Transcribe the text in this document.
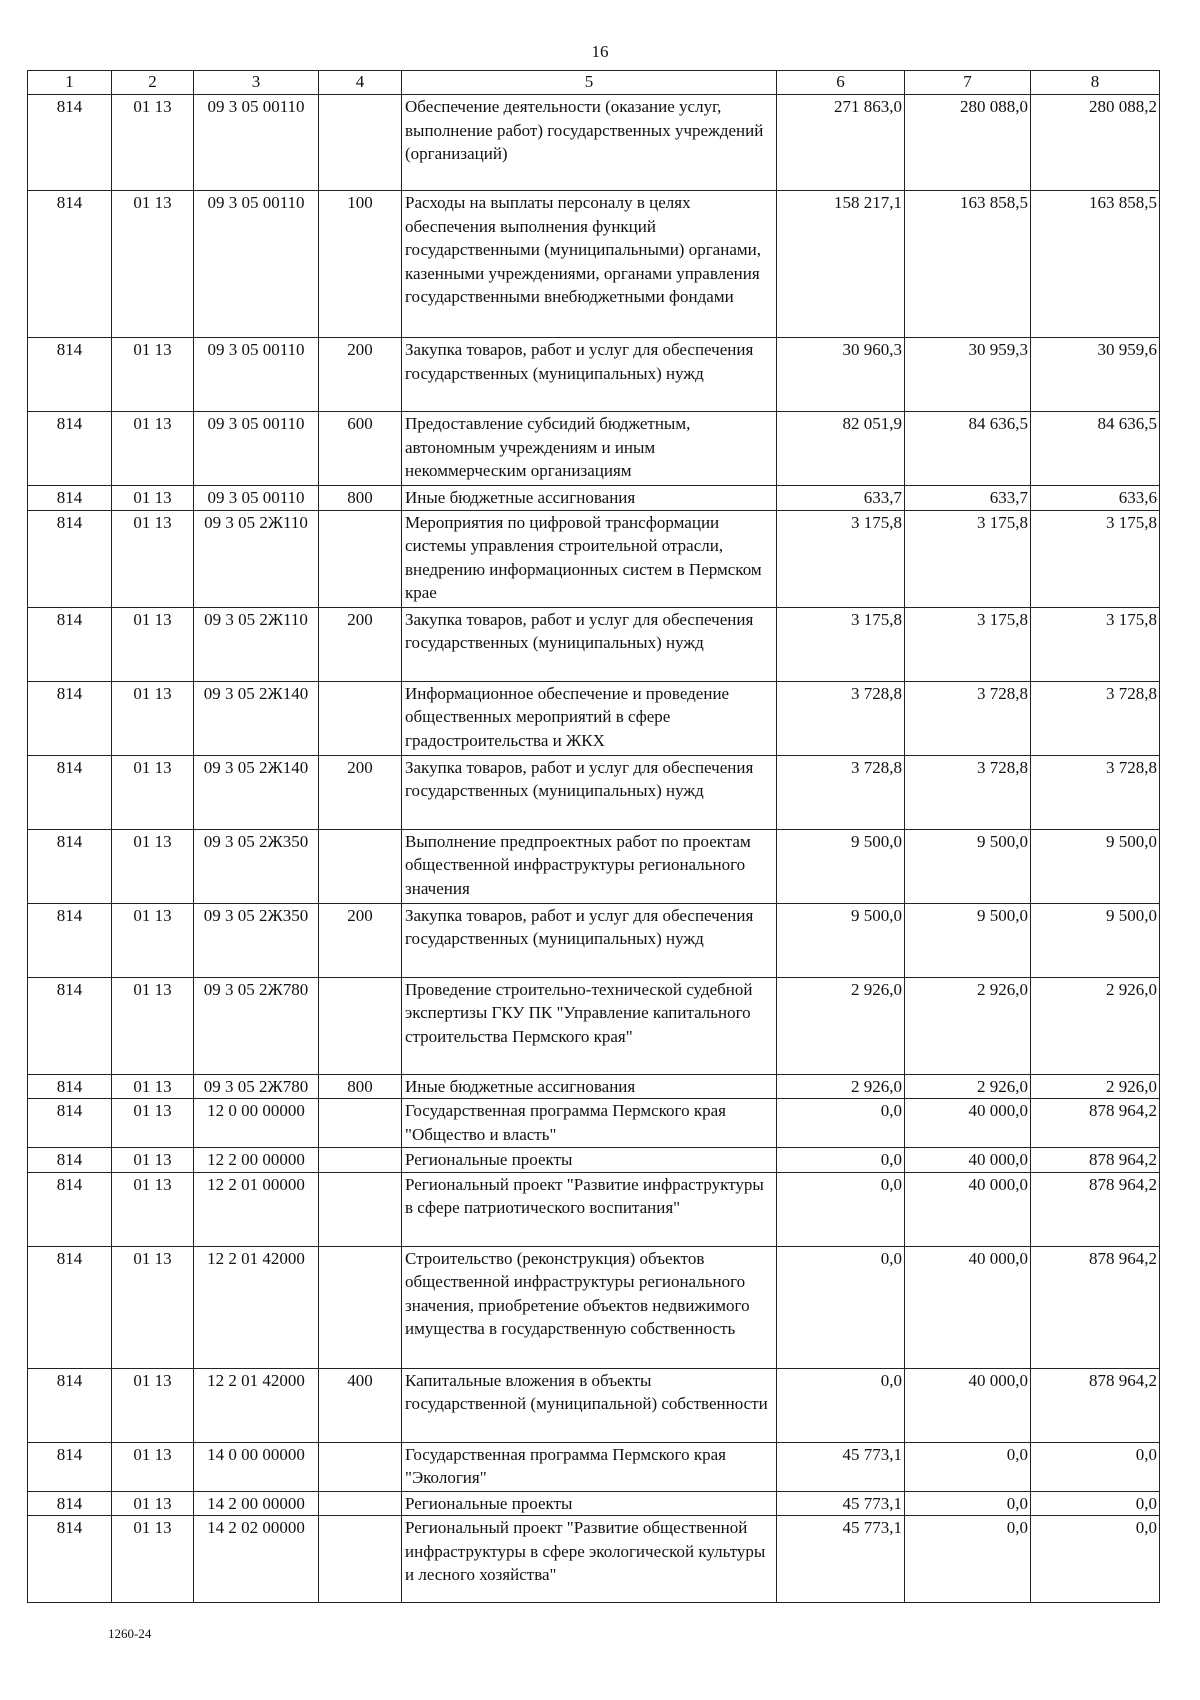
16
1	2	3	4	5	6	7	8
814	01 13	09 3 05 00110		Обеспечение деятельности (оказание услуг, выполнение работ) государственных учреждений (организаций)	271 863,0	280 088,0	280 088,2
814	01 13	09 3 05 00110	100	Расходы на выплаты персоналу в целях обеспечения выполнения функций государственными (муниципальными) органами, казенными учреждениями, органами управления государственными внебюджетными фондами	158 217,1	163 858,5	163 858,5
814	01 13	09 3 05 00110	200	Закупка товаров, работ и услуг для обеспечения государственных (муниципальных) нужд	30 960,3	30 959,3	30 959,6
814	01 13	09 3 05 00110	600	Предоставление субсидий бюджетным, автономным учреждениям и иным некоммерческим организациям	82 051,9	84 636,5	84 636,5
814	01 13	09 3 05 00110	800	Иные бюджетные ассигнования	633,7	633,7	633,6
814	01 13	09 3 05 2Ж110		Мероприятия по цифровой трансформации системы управления строительной отрасли, внедрению информационных систем в Пермском крае	3 175,8	3 175,8	3 175,8
814	01 13	09 3 05 2Ж110	200	Закупка товаров, работ и услуг для обеспечения государственных (муниципальных) нужд	3 175,8	3 175,8	3 175,8
814	01 13	09 3 05 2Ж140		Информационное обеспечение и проведение общественных мероприятий в сфере градостроительства и ЖКХ	3 728,8	3 728,8	3 728,8
814	01 13	09 3 05 2Ж140	200	Закупка товаров, работ и услуг для обеспечения государственных (муниципальных) нужд	3 728,8	3 728,8	3 728,8
814	01 13	09 3 05 2Ж350		Выполнение предпроектных работ по проектам общественной инфраструктуры регионального значения	9 500,0	9 500,0	9 500,0
814	01 13	09 3 05 2Ж350	200	Закупка товаров, работ и услуг для обеспечения государственных (муниципальных) нужд	9 500,0	9 500,0	9 500,0
814	01 13	09 3 05 2Ж780		Проведение строительно-технической судебной экспертизы ГКУ ПК "Управление капитального строительства Пермского края"	2 926,0	2 926,0	2 926,0
814	01 13	09 3 05 2Ж780	800	Иные бюджетные ассигнования	2 926,0	2 926,0	2 926,0
814	01 13	12 0 00 00000		Государственная программа Пермского края "Общество и власть"	0,0	40 000,0	878 964,2
814	01 13	12 2 00 00000		Региональные проекты	0,0	40 000,0	878 964,2
814	01 13	12 2 01 00000		Региональный проект "Развитие инфраструктуры в сфере патриотического воспитания"	0,0	40 000,0	878 964,2
814	01 13	12 2 01 42000		Строительство (реконструкция) объектов общественной инфраструктуры регионального значения, приобретение объектов недвижимого имущества в государственную собственность	0,0	40 000,0	878 964,2
814	01 13	12 2 01 42000	400	Капитальные вложения в объекты государственной (муниципальной) собственности	0,0	40 000,0	878 964,2
814	01 13	14 0 00 00000		Государственная программа Пермского края "Экология"	45 773,1	0,0	0,0
814	01 13	14 2 00 00000		Региональные проекты	45 773,1	0,0	0,0
814	01 13	14 2 02 00000		Региональный проект "Развитие общественной инфраструктуры в сфере экологической культуры и лесного хозяйства"	45 773,1	0,0	0,0
1260-24
